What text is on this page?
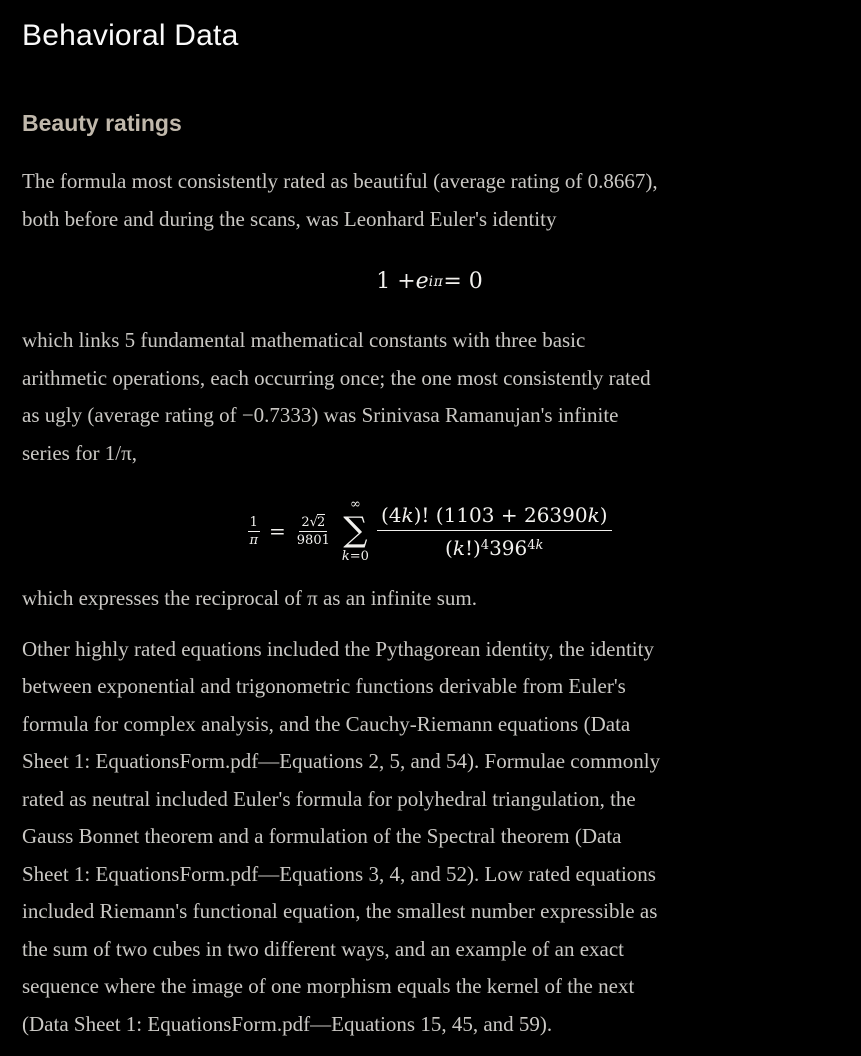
Behavioral Data
Beauty ratings

The formula most consistently rated as beautiful (average rating of 0.8667),
both before and during the scans, was Leonhard Euler's identity

1 + e iπ = 0

which links 5 fundamental mathematical constants with three basic
arithmetic operations, each occurring once; the one most consistently rated
as ugly (average rating of −0.7333) was Srinivasa Ramanujan's infinite
series for 1/π,

$\frac{1}{\pi} = \frac{2√2}{9801}$
∞
∑
$k=0 \frac{(4k)! (1103 + 26390k)}{(k!)^4396^{4k}}$

which expresses the reciprocal of π as an infinite sum.

Other highly rated equations included the Pythagorean identity, the identity
between exponential and trigonometric functions derivable from Euler's
formula for complex analysis, and the Cauchy-Riemann equations (Data
Sheet 1: EquationsForm.pdf—Equations 2, 5, and 54). Formulae commonly
rated as neutral included Euler's formula for polyhedral triangulation, the
Gauss Bonnet theorem and a formulation of the Spectral theorem (Data
Sheet 1: EquationsForm.pdf—Equations 3, 4, and 52). Low rated equations
included Riemann's functional equation, the smallest number expressible as
the sum of two cubes in two different ways, and an example of an exact
sequence where the image of one morphism equals the kernel of the next
(Data Sheet 1: EquationsForm.pdf—Equations 15, 45, and 59).
